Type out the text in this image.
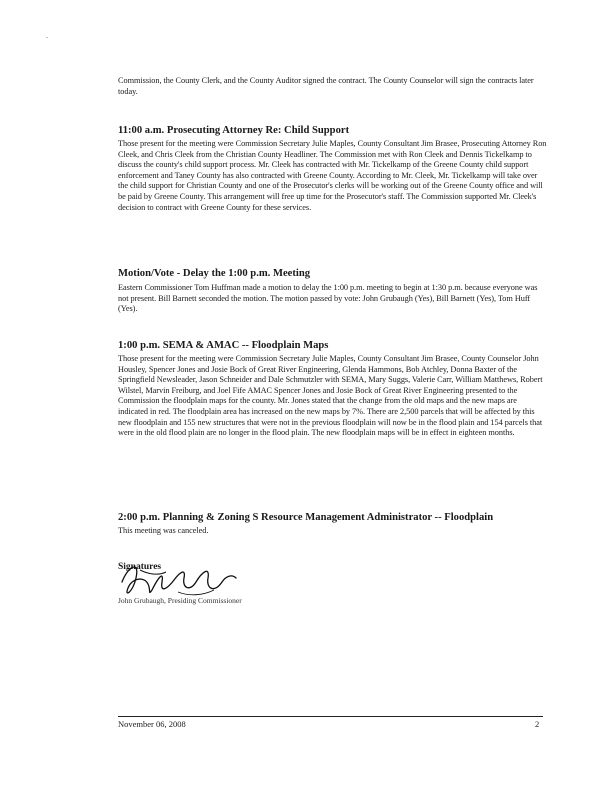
-

Commission, the County Clerk, and the County Auditor signed the contract. The County Counselor will sign the contracts later today.

11:00 a.m. Prosecuting Attorney Re: Child Support

Those present for the meeting were Commission Secretary Julie Maples, County Consultant Jim Brasee, Prosecuting Attorney Ron Cleek, and Chris Cleek from the Christian County Headliner. The Commission met with Ron Cleek and Dennis Tickelkamp to discuss the county's child support process. Mr. Cleek has contracted with Mr. Tickelkamp of the Greene County child support enforcement and Taney County has also contracted with Greene County. According to Mr. Cleek, Mr. Tickelkamp will take over the child support for Christian County and one of the Prosecutor's clerks will be working out of the Greene County office and will be paid by Greene County. This arrangement will free up time for the Prosecutor's staff. The Commission supported Mr. Cleek's decision to contract with Greene County for these services.

Motion/Vote - Delay the 1:00 p.m. Meeting

Eastern Commissioner Tom Huffman made a motion to delay the 1:00 p.m. meeting to begin at 1:30 p.m. because everyone was not present. Bill Barnett seconded the motion. The motion passed by vote: John Grubaugh (Yes), Bill Barnett (Yes), Tom Huff (Yes).

1:00 p.m. SEMA & AMAC -- Floodplain Maps

Those present for the meeting were Commission Secretary Julie Maples, County Consultant Jim Brasee, County Counselor John Housley, Spencer Jones and Josie Bock of Great River Engineering, Glenda Hammons, Bob Atchley, Donna Baxter of the Springfield Newsleader, Jason Schneider and Dale Schmutzler with SEMA, Mary Suggs, Valerie Carr, William Matthews, Robert Wilstel, Marvin Freiburg, and Joel Fife AMAC Spencer Jones and Josie Bock of Great River Engineering presented to the Commission the floodplain maps for the county. Mr. Jones stated that the change from the old maps and the new maps are indicated in red. The floodplain area has increased on the new maps by 7%. There are 2,500 parcels that will be affected by this new floodplain and 155 new structures that were not in the previous floodplain will now be in the flood plain and 154 parcels that were in the old flood plain are no longer in the flood plain. The new floodplain maps will be in effect in eighteen months.

2:00 p.m. Planning & Zoning S Resource Management Administrator -- Floodplain

This meeting was canceled.

Signatures
John Grubaugh, Presiding Commissioner
November 06, 2008	2
